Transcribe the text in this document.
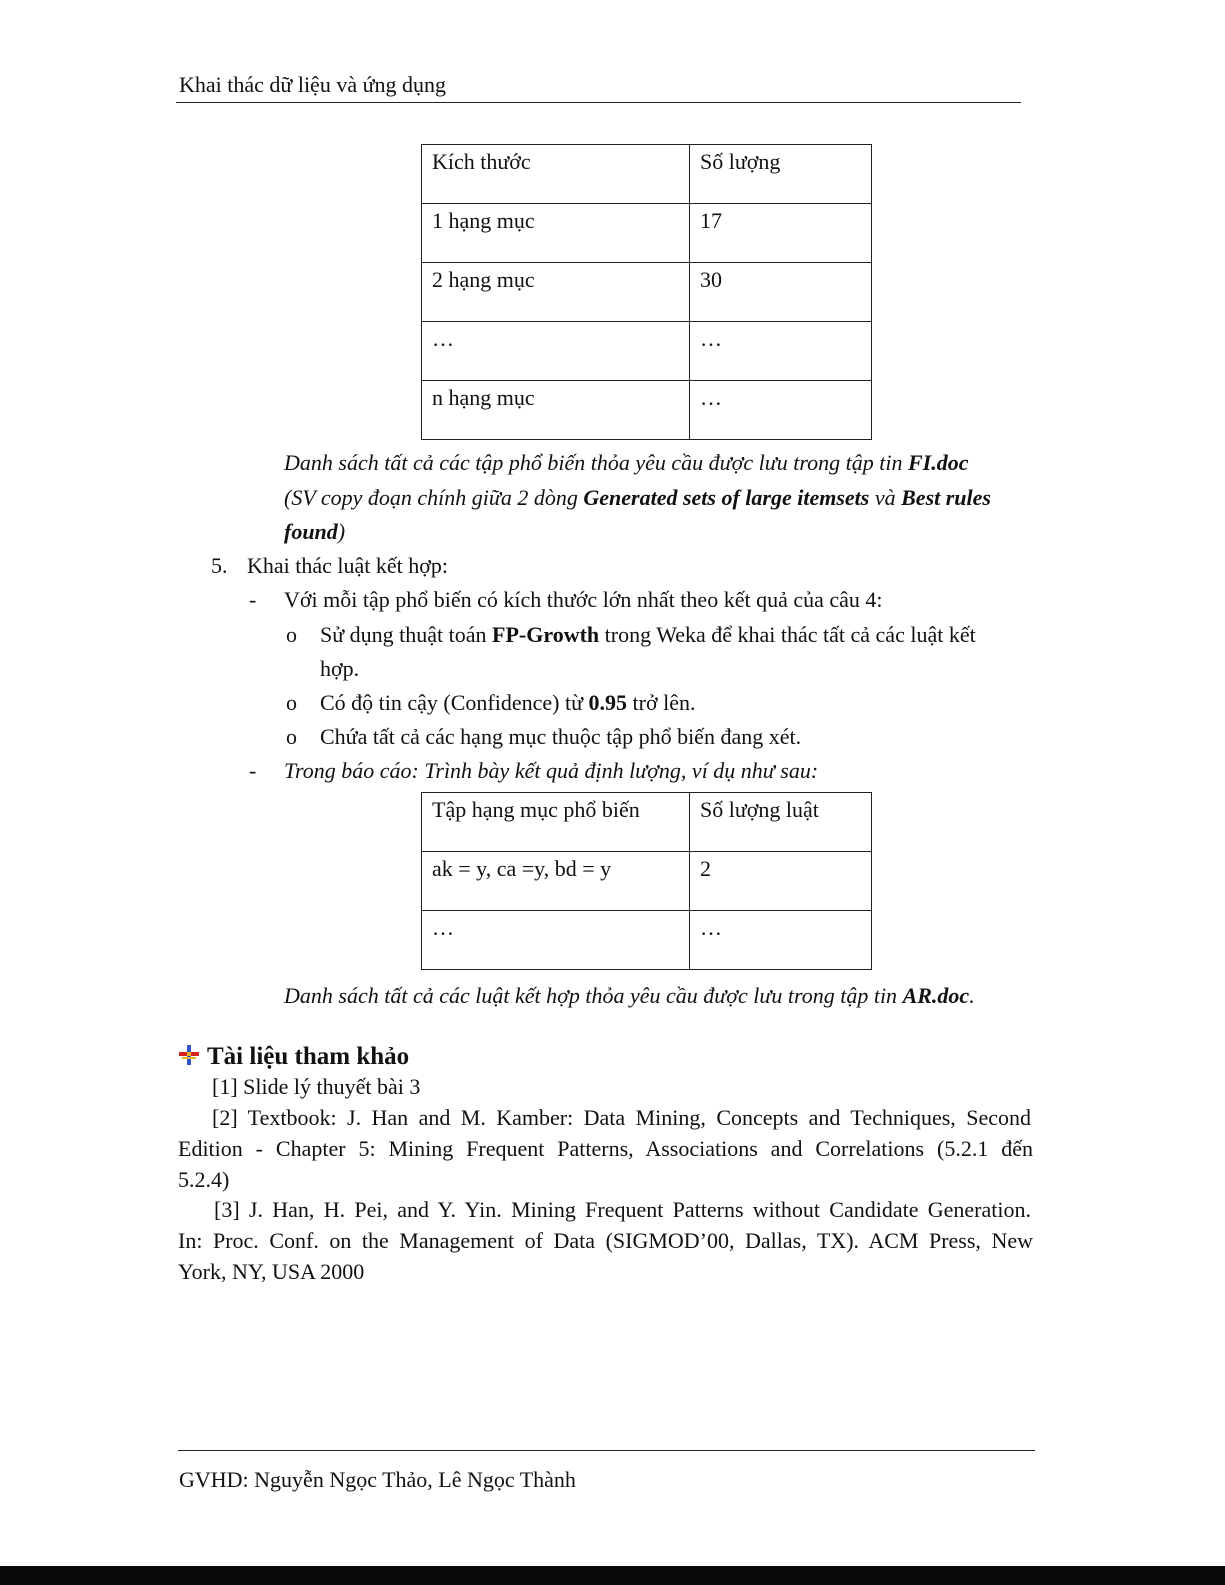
Khai thác dữ liệu và ứng dụng
Kích thước	Số lượng
1 hạng mục	17
2 hạng mục	30
…	…
n hạng mục	…
Danh sách tất cả các tập phổ biến thỏa yêu cầu được lưu trong tập tin FI.doc
(SV copy đoạn chính giữa 2 dòng Generated sets of large itemsets và Best rules
found)
5. Khai thác luật kết hợp:
- Với mỗi tập phổ biến có kích thước lớn nhất theo kết quả của câu 4:
o Sử dụng thuật toán FP-Growth trong Weka để khai thác tất cả các luật kết
hợp.
o Có độ tin cậy (Confidence) từ 0.95 trở lên.
o Chứa tất cả các hạng mục thuộc tập phổ biến đang xét.
- Trong báo cáo: Trình bày kết quả định lượng, ví dụ như sau:
Tập hạng mục phổ biến	Số lượng luật
ak = y, ca =y, bd = y	2
…	…
Danh sách tất cả các luật kết hợp thỏa yêu cầu được lưu trong tập tin AR.doc.
Tài liệu tham khảo
[1] Slide lý thuyết bài 3
[2] Textbook: J. Han and M. Kamber: Data Mining, Concepts and Techniques, Second
Edition - Chapter 5: Mining Frequent Patterns, Associations and Correlations (5.2.1 đến
5.2.4)
[3] J. Han, H. Pei, and Y. Yin. Mining Frequent Patterns without Candidate Generation.
In: Proc. Conf. on the Management of Data (SIGMOD’00, Dallas, TX). ACM Press, New
York, NY, USA 2000
GVHD: Nguyễn Ngọc Thảo, Lê Ngọc Thành
